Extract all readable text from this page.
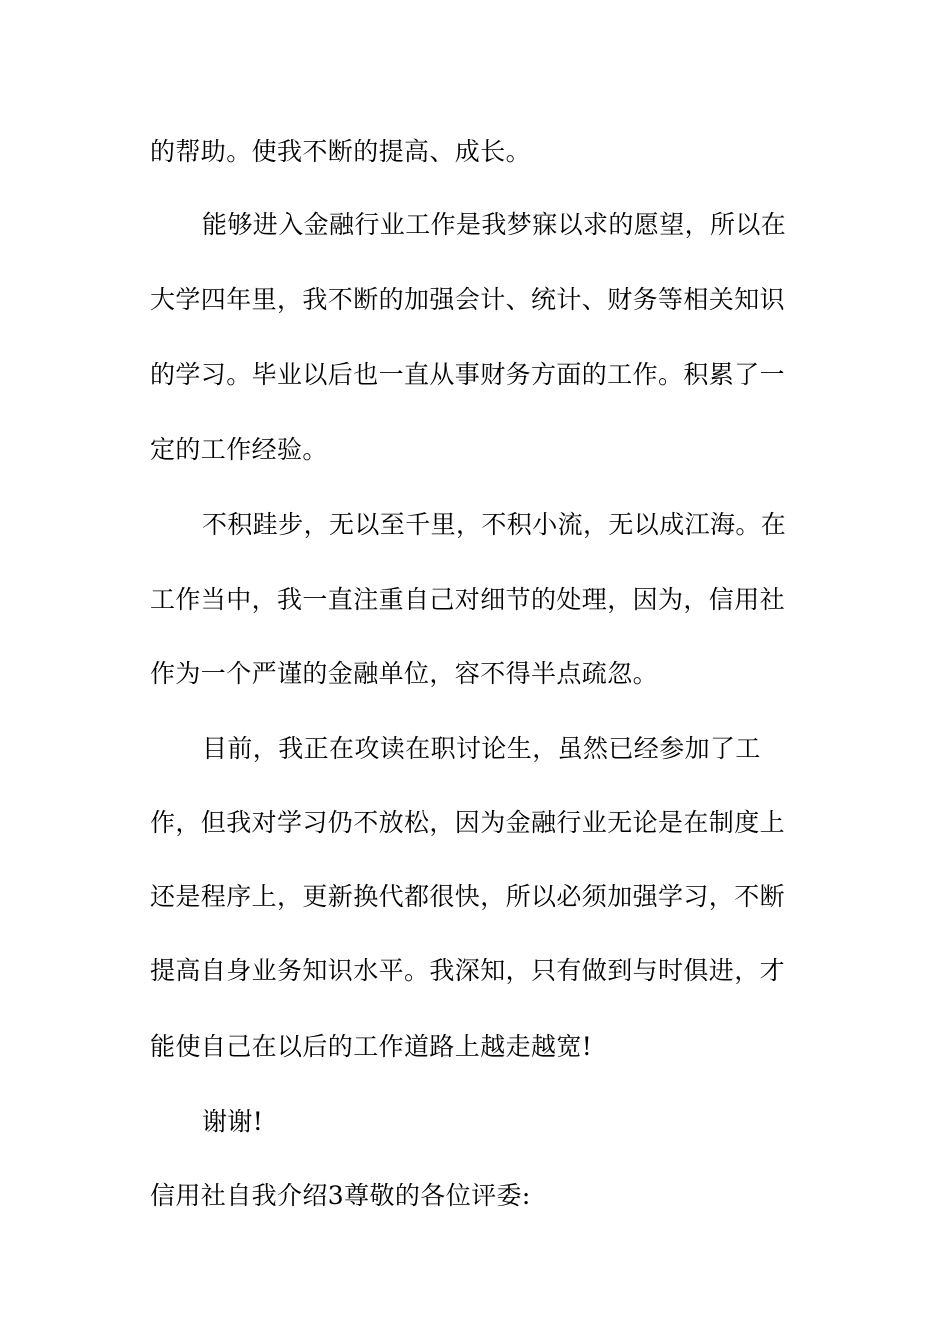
的帮助。使我不断的提高、成长。
能够进入金融行业工作是我梦寐以求的愿望，所以在
大学四年里，我不断的加强会计、统计、财务等相关知识
的学习。毕业以后也一直从事财务方面的工作。积累了一
定的工作经验。
不积跬步，无以至千里，不积小流，无以成江海。在
工作当中，我一直注重自己对细节的处理，因为，信用社
作为一个严谨的金融单位，容不得半点疏忽。
目前，我正在攻读在职讨论生，虽然已经参加了工
作，但我对学习仍不放松，因为金融行业无论是在制度上
还是程序上，更新换代都很快，所以必须加强学习，不断
提高自身业务知识水平。我深知，只有做到与时俱进，才
能使自己在以后的工作道路上越走越宽!
谢谢!
信用社自我介绍3尊敬的各位评委:
